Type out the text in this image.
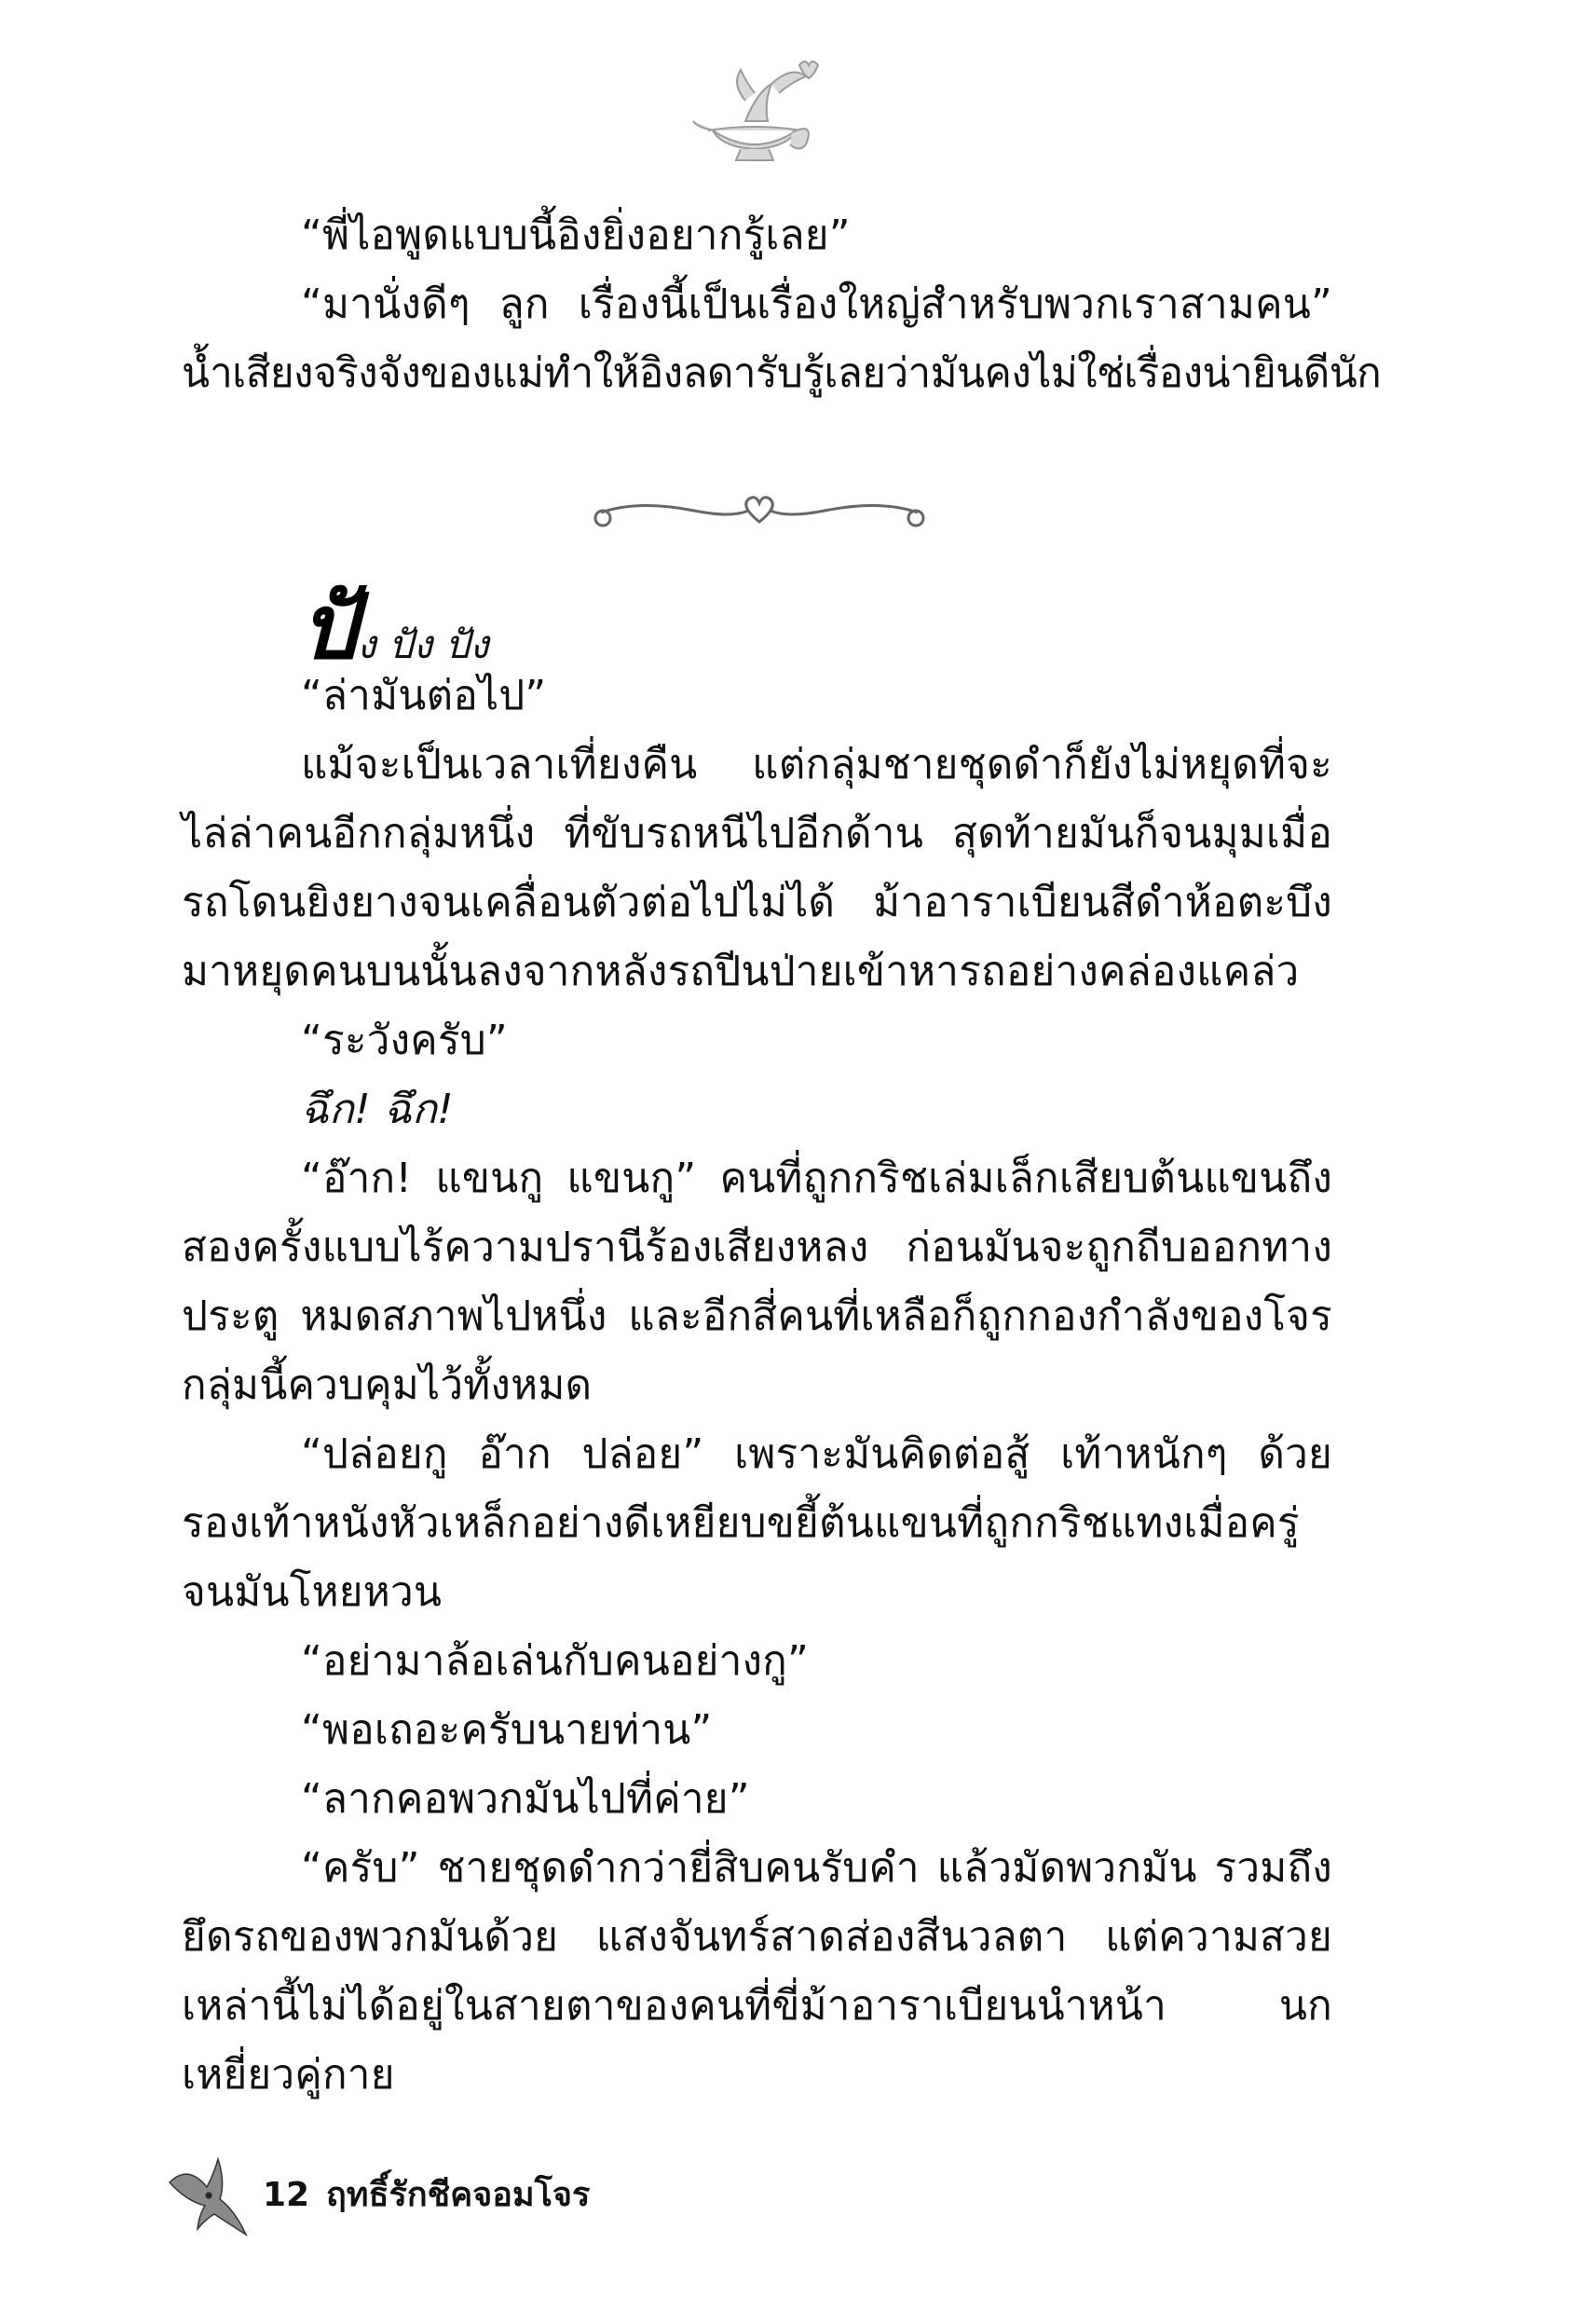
“พี่ไอพูดแบบนี้อิงยิ่งอยากรู้เลย”

“มานั่งดีๆ ลูก เรื่องนี้เป็นเรื่องใหญ่สำหรับพวกเราสามคน”

น้ำเสียงจริงจังของแม่ทำให้อิงลดารับรู้เลยว่ามันคงไม่ใช่เรื่องน่ายินดีนัก

ปัง ปัง ปัง

“ล่ามันต่อไป”

แม้จะเป็นเวลาเที่ยงคืน แต่กลุ่มชายชุดดำก็ยังไม่หยุดที่จะไล่ล่าคนอีกกลุ่มหนึ่ง ที่ขับรถหนีไปอีกด้าน สุดท้ายมันก็จนมุมเมื่อรถโดนยิงยางจนเคลื่อนตัวต่อไปไม่ได้ ม้าอาราเบียนสีดำห้อตะบึงมาหยุดคนบนนั้นลงจากหลังรถปีนป่ายเข้าหารถอย่างคล่องแคล่ว

“ระวังครับ”

ฉึก! ฉึก!

“อ๊าก! แขนกู แขนกู” คนที่ถูกกริชเล่มเล็กเสียบต้นแขนถึงสองครั้งแบบไร้ความปรานีร้องเสียงหลง ก่อนมันจะถูกถีบออกทางประตู หมดสภาพไปหนึ่ง และอีกสี่คนที่เหลือก็ถูกกองกำลังของโจรกลุ่มนี้ควบคุมไว้ทั้งหมด

“ปล่อยกู อ๊าก ปล่อย” เพราะมันคิดต่อสู้ เท้าหนักๆ ด้วยรองเท้าหนังหัวเหล็กอย่างดีเหยียบขยี้ต้นแขนที่ถูกกริชแทงเมื่อครู่จนมันโหยหวน

“อย่ามาล้อเล่นกับคนอย่างกู”

“พอเถอะครับนายท่าน”

“ลากคอพวกมันไปที่ค่าย”

“ครับ” ชายชุดดำกว่ายี่สิบคนรับคำ แล้วมัดพวกมัน รวมถึงยึดรถของพวกมันด้วย แสงจันทร์สาดส่องสีนวลตา แต่ความสวยเหล่านี้ไม่ได้อยู่ในสายตาของคนที่ขี่ม้าอาราเบียนนำหน้า นกเหยี่ยวคู่กาย

12 ฤทธิ์รักชีคจอมโจร
